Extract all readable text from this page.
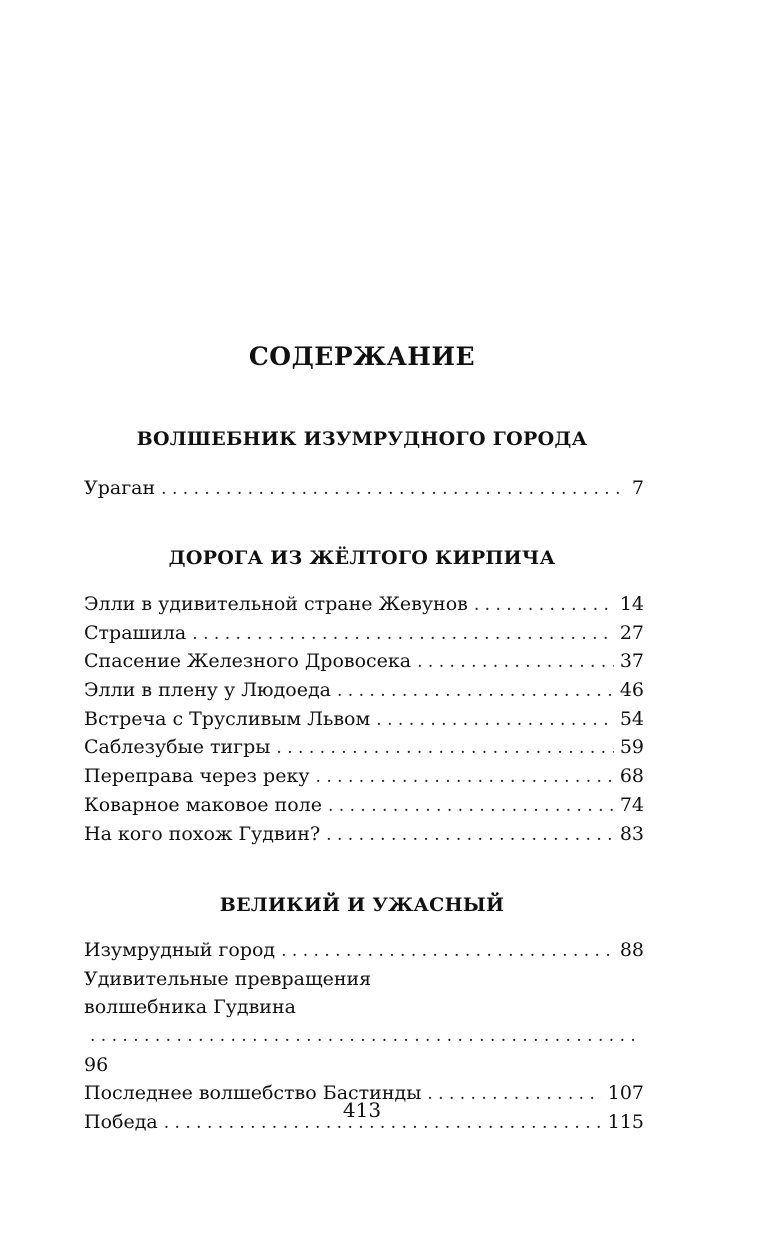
СОДЕРЖАНИЕ
ВОЛШЕБНИК ИЗУМРУДНОГО ГОРОДА
Ураган . . .	7
ДОРОГА ИЗ ЖЁЛТОГО КИРПИЧА
Элли в удивительной стране Жевунов . . .	14
Страшила . . .	27
Спасение Железного Дровосека . . .	37
Элли в плену у Людоеда . . .	46
Встреча с Трусливым Львом . . .	54
Саблезубые тигры . . .	59
Переправа через реку . . .	68
Коварное маковое поле . . .	74
На кого похож Гудвин? . . .	83
ВЕЛИКИЙ И УЖАСНЫЙ
Изумрудный город . . .	88
Удивительные превращения
волшебника Гудвина
. . .
96
Последнее волшебство Бастинды . . .	107
Победа . . .	115
413
